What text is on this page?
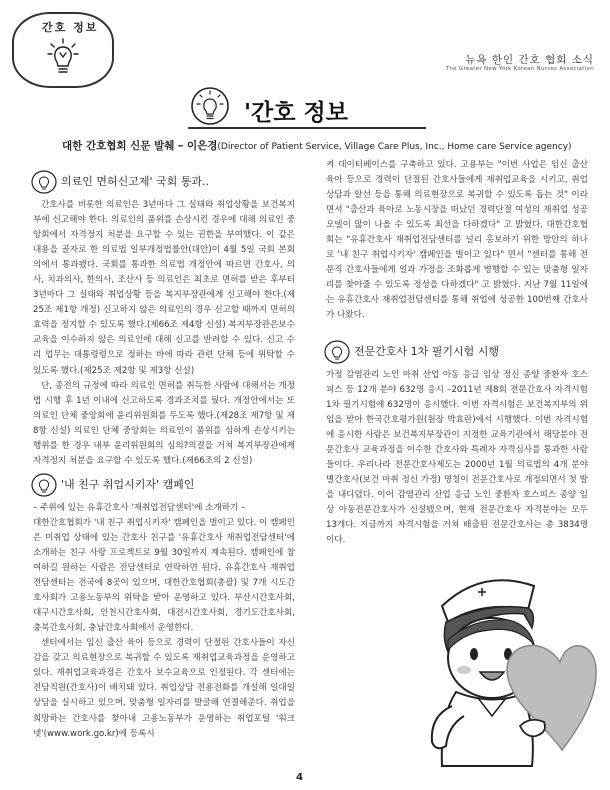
간호 정보
뉴욕 한인 간호 협회 소식
The Greater New York Korean Nurses Association
'간호 정보
대한 간호협회 신문 발췌 – 이은경(Director of Patient Service, Village Care Plus, Inc., Home care Service agency)
의료인 면허신고제' 국회 통과..

간호사를 비롯한 의료인은 3년마다 그 실태와 취업상황을 보건복지부에 신고해야 한다. 의료인의 품위를 손상시킨 경우에 대해 의료인 중앙회에서 자격정지 처분을 요구할 수 있는 권한을 부여했다. 이 같은 내용을 골자로 한 의료법 일부개정법률안(대안)이 4월 5일 국회 본회의에서 통과됐다. 국회를 통과한 의료법 개정안에 따르면 간호사, 의사, 치과의사, 한의사, 조산사 등 의료인은 최초로 면허를 받은 후부터 3년마다 그 실태와 취업상황 등을 복지부장관에게 신고해야 한다.(제25조 제1항 개정) 신고하지 않은 의료인의 경우 신고할 때까지 면허의 효력을 정지할 수 있도록 했다.(제66조 제4항 신설) 복지부장관은보수교육을 이수하지 않은 의료인에 대해 신고를 반려할 수 있다. 신고 수리 업무는 대통령령으로 정하는 바에 따라 관련 단체 등에 위탁할 수 있도록 했다.(제25조 제2항 및 제3항 신설)

단, 종전의 규정에 따라 의료인 면허를 취득한 사람에 대해서는 개정법 시행 후 1년 이내에 신고하도록 경과조치를 뒀다. 개정안에서는 또 의료인 단체 중앙회에 윤리위원회를 두도록 했다.(제28조 제7항 및 제8항 신설) 의료인 단체 중앙회는 의료인이 품위를 심하게 손상시키는 행위를 한 경우 내부 윤리위원회의 심의?의결을 거쳐 복지부장관에게 자격정지 처분을 요구할 수 있도록 했다.(제66조의 2 신설)

'내 친구 취업시키자' 캠페인

– 주위에 있는 유휴간호사 '재취업전담센터'에 소개하기 –

대한간호협회가 '내 친구 취업시키자' 캠페인을 벌이고 있다. 이 캠페인은 미취업 상태에 있는 간호사 친구를 '유휴간호사 재취업전담센터'에 소개하는 친구 사랑 프로젝트로 9월 30일까지 계속된다. 캠페인에 참여하길 원하는 사람은 전담센터로 연락하면 된다. 유휴간호사 재취업전담센터는 전국에 8곳이 있으며, 대한간호협회(총괄) 및 7개 시도간호사회가 고용노동부의 위탁을 받아 운영하고 있다. 부산시간호사회, 대구시간호사회, 인천시간호사회, 대전시간호사회, 경기도간호사회, 충북간호사회, 충남간호사회에서 운영한다.

센터에서는 임신 출산 육아 등으로 경력이 단절된 간호사들이 자신감을 갖고 의료현장으로 복귀할 수 있도록 재취업교육과정을 운영하고 있다. 재취업교육과정은 간호사 보수교육으로 인정된다. 각 센터에는 전담직원(간호사)이 배치돼 있다. 취업상담 전용전화를 개설해 일대일 상담을 실시하고 있으며, 맞춤형 일자리를 발굴해 연결해준다. 취업을 희망하는 간호사를 찾아내 고용노동부가 운영하는 취업포털 '워크넷'(www.work.go.kr)에 등록시

켜 데이터베이스를 구축하고 있다. 고용부는 "이번 사업은 임신 출산 육아 등으로 경력이 단절된 간호사들에게 재취업교육을 시키고, 취업상담과 알선 등을 통해 의료현장으로 복귀할 수 있도록 돕는 것" 이라면서 "출산과 육아로 노동시장을 떠났던 경력단절 여성의 재취업 성공모델이 많이 나올 수 있도록 최선을 다하겠다" 고 밝혔다. 대한간호협회는 "유휴간호사 재취업전담센터를 널리 홍보하기 위한 방안의 하나로 '내 친구 취업시키자' 캠페인을 벌이고 있다" 면서 "센터를 통해 전문직 간호사들에게 일과 가정을 조화롭게 병행할 수 있는 맞춤형 일자리를 찾아줄 수 있도록 정성을 다하겠다" 고 밝혔다. 지난 7월 11일에는 유휴간호사 재취업전담센터를 통해 취업에 성공한 100번째 간호사가 나왔다.

전문간호사 1차 필기시험 시행

가정 감염관리 노인 마취 산업 아동 응급 임상 정신 종양 중환자 호스피스 등 12개 분야 632명 응시 –2011년 제8회 전문간호사 자격시험 1차 필기시험에 632명이 응시했다. 이번 자격시험은 보건복지부의 위임을 받아 한국간호평가원(원장 박효란)에서 시행했다. 이번 자격시험에 응시한 사람은 보건복지부장관이 지정한 교육기관에서 해당분야 전문간호사 교육과정을 이수한 간호사와 특례자 자격심사를 통과한 사람들이다. 우리나라 전문간호사제도는 2000년 1월 의료법의 4개 분야별간호사(보건 마취 정신 가정) 명칭이 전문간호사로 개정되면서 첫 발을 내디뎠다. 이어 감염관리 산업 응급 노인 중환자 호스피스 종양 임상 아동전문간호사가 신설됐으며, 현재 전문간호사 자격분야는 모두 13개다. 지금까지 자격시험을 거쳐 배출된 전문간호사는 총 3834명이다.

4
